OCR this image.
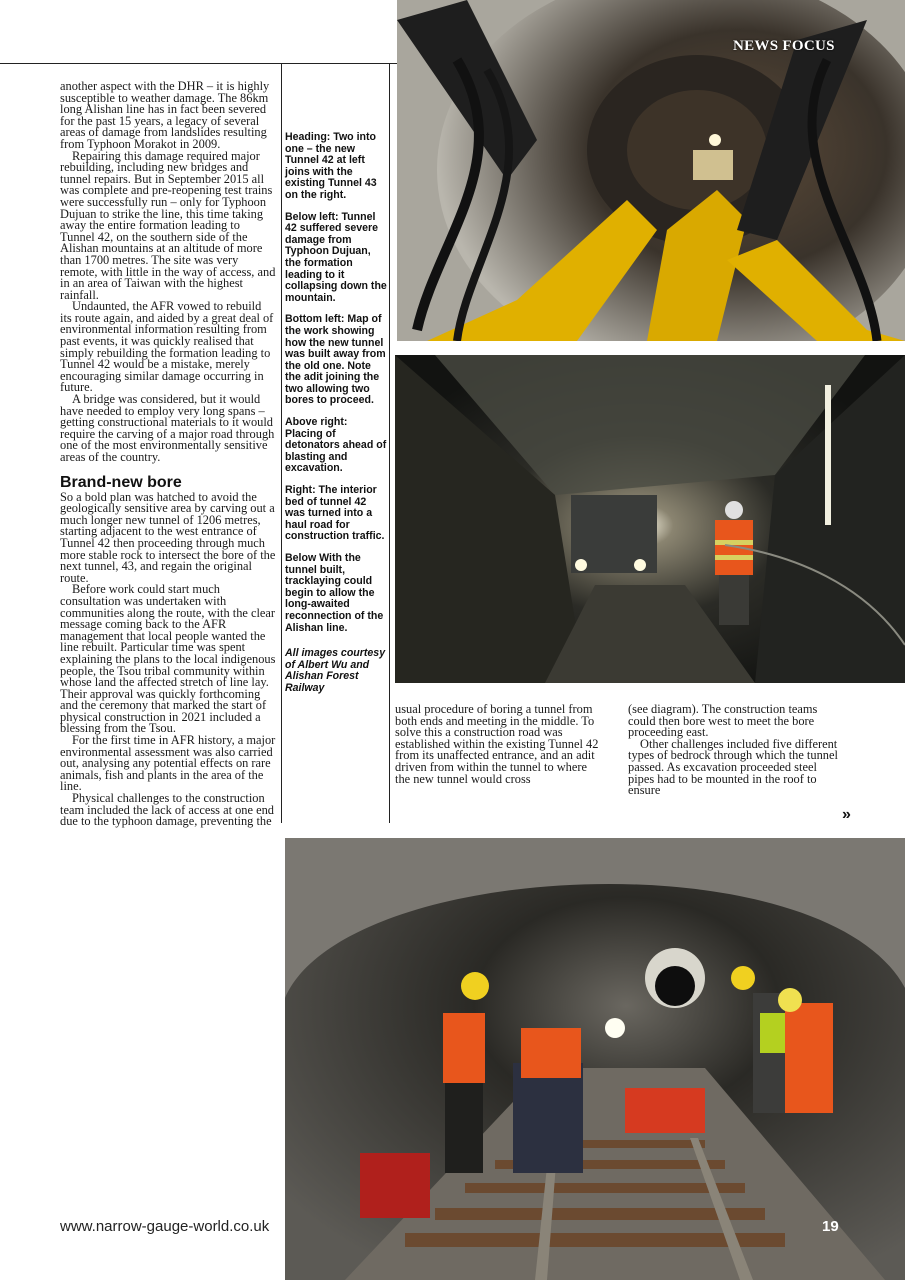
another aspect with the DHR – it is highly susceptible to weather damage. The 86km long Alishan line has in fact been severed for the past 15 years, a legacy of several areas of damage from landslides resulting from Typhoon Morakot in 2009.

Repairing this damage required major rebuilding, including new bridges and tunnel repairs. But in September 2015 all was complete and pre-reopening test trains were successfully run – only for Typhoon Dujuan to strike the line, this time taking away the entire formation leading to Tunnel 42, on the southern side of the Alishan mountains at an altitude of more than 1700 metres. The site was very remote, with little in the way of access, and in an area of Taiwan with the highest rainfall.

Undaunted, the AFR vowed to rebuild its route again, and aided by a great deal of environmental information resulting from past events, it was quickly realised that simply rebuilding the formation leading to Tunnel 42 would be a mistake, merely encouraging similar damage occurring in future.

A bridge was considered, but it would have needed to employ very long spans – getting constructional materials to it would require the carving of a major road through one of the most environmentally sensitive areas of the country.

Brand-new bore

So a bold plan was hatched to avoid the geologically sensitive area by carving out a much longer new tunnel of 1206 metres, starting adjacent to the west entrance of Tunnel 42 then proceeding through much more stable rock to intersect the bore of the next tunnel, 43, and regain the original route.

Before work could start much consultation was undertaken with communities along the route, with the clear message coming back to the AFR management that local people wanted the line rebuilt. Particular time was spent explaining the plans to the local indigenous people, the Tsou tribal community within whose land the affected stretch of line lay. Their approval was quickly forthcoming and the ceremony that marked the start of physical construction in 2021 included a blessing from the Tsou.

For the first time in AFR history, a major environmental assessment was also carried out, analysing any potential effects on rare animals, fish and plants in the area of the line.

Physical challenges to the construction team included the lack of access at one end due to the typhoon damage, preventing the

Heading: Two into one – the new Tunnel 42 at left joins with the existing Tunnel 43 on the right.

Below left: Tunnel 42 suffered severe damage from Typhoon Dujuan, the formation leading to it collapsing down the mountain.

Bottom left: Map of the work showing how the new tunnel was built away from the old one. Note the adit joining the two allowing two bores to proceed.

Above right: Placing of detonators ahead of blasting and excavation.

Right: The interior bed of tunnel 42 was turned into a haul road for construction traffic.

Below With the tunnel built, tracklaying could begin to allow the long-awaited reconnection of the Alishan line.

All images courtesy of Albert Wu and Alishan Forest Railway

NEWS FOCUS

usual procedure of boring a tunnel from both ends and meeting in the middle. To solve this a construction road was established within the existing Tunnel 42 from its unaffected entrance, and an adit driven from within the tunnel to where the new tunnel would cross

(see diagram). The construction teams could then bore west to meet the bore proceeding east.

Other challenges included five different types of bedrock through which the tunnel passed. As excavation proceeded steel pipes had to be mounted in the roof to ensure

»
www.narrow-gauge-world.co.uk	19
